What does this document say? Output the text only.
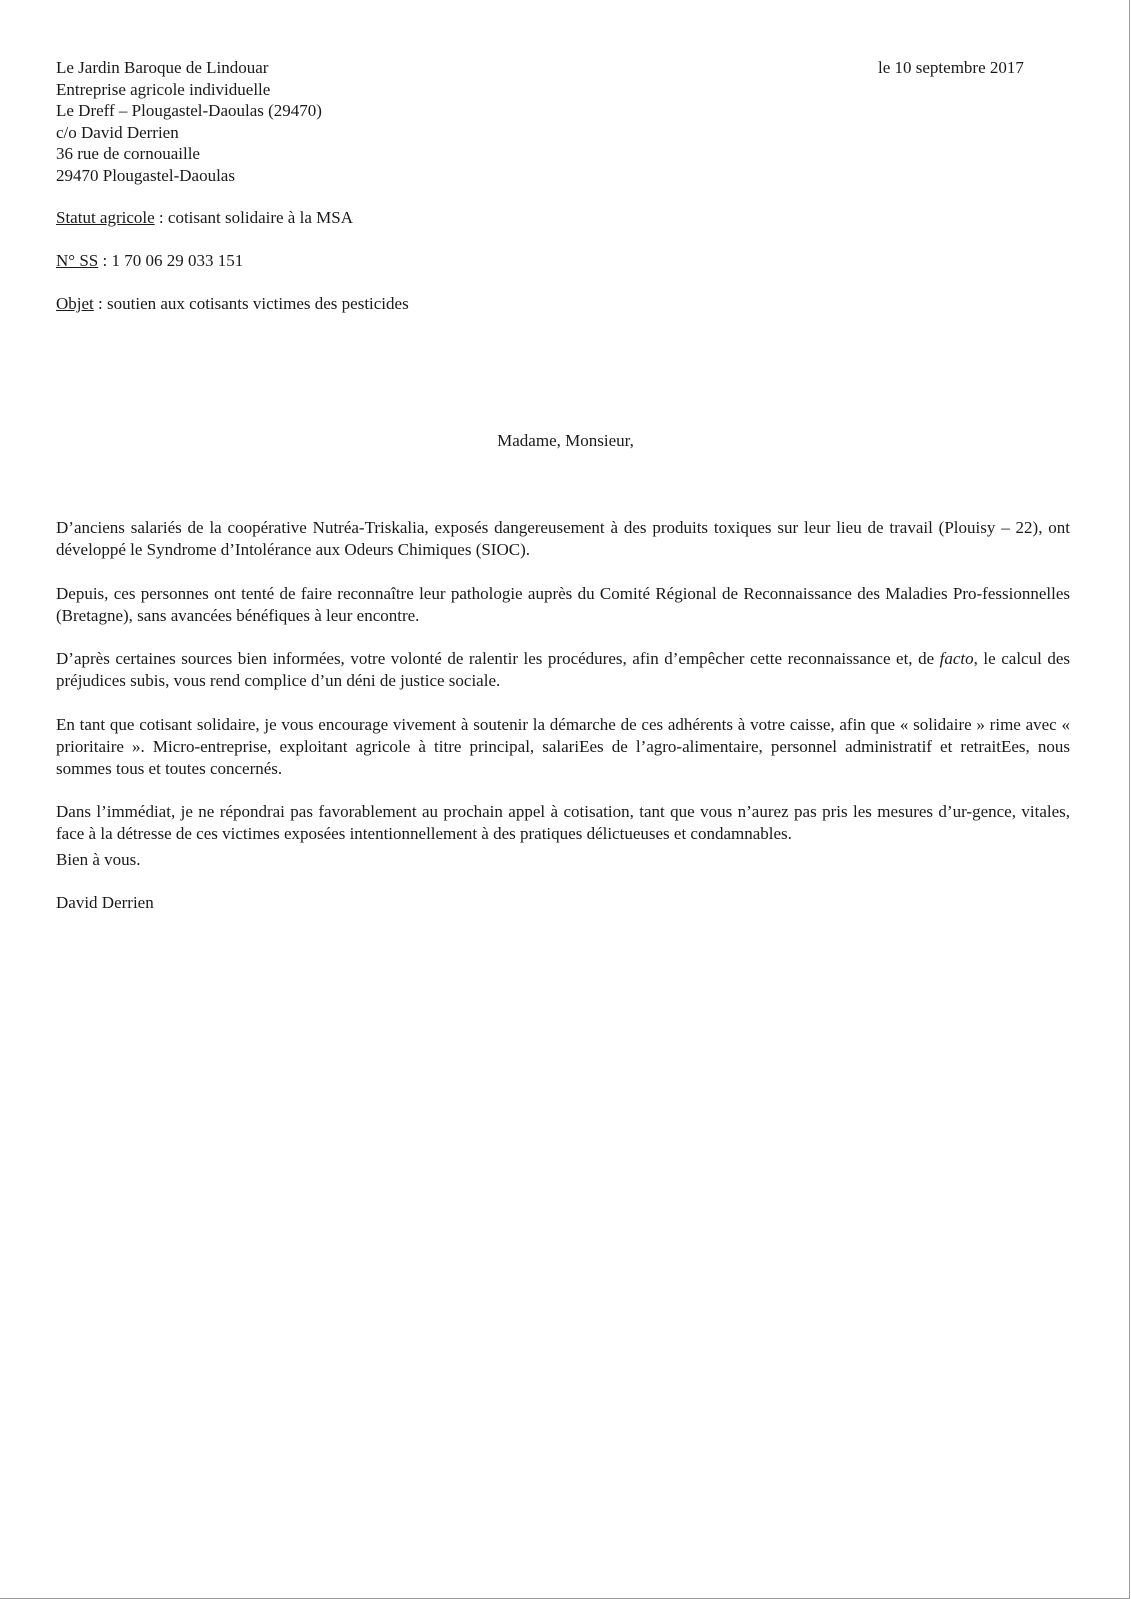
Le Jardin Baroque de Lindouar
Entreprise agricole individuelle
Le Dreff – Plougastel-Daoulas (29470)
c/o David Derrien
36 rue de cornouaille
29470 Plougastel-Daoulas
le 10 septembre 2017
Statut agricole : cotisant solidaire à la MSA
N° SS : 1 70 06 29 033 151
Objet : soutien aux cotisants victimes des pesticides
Madame, Monsieur,

D’anciens salariés de la coopérative Nutréa-Triskalia, exposés dangereusement à des produits toxiques sur leur lieu de travail (Plouisy – 22), ont développé le Syndrome d’Intolérance aux Odeurs Chimiques (SIOC).

Depuis, ces personnes ont tenté de faire reconnaître leur pathologie auprès du Comité Régional de Reconnaissance des Maladies Pro-fessionnelles (Bretagne), sans avancées bénéfiques à leur encontre.

D’après certaines sources bien informées, votre volonté de ralentir les procédures, afin d’empêcher cette reconnaissance et, de facto, le calcul des préjudices subis, vous rend complice d’un déni de justice sociale.

En tant que cotisant solidaire, je vous encourage vivement à soutenir la démarche de ces adhérents à votre caisse, afin que « solidaire » rime avec « prioritaire ». Micro-entreprise, exploitant agricole à titre principal, salariEes de l’agro-alimentaire, personnel administratif et retraitEes, nous sommes tous et toutes concernés.

Dans l’immédiat, je ne répondrai pas favorablement au prochain appel à cotisation, tant que vous n’aurez pas pris les mesures d’ur-gence, vitales, face à la détresse de ces victimes exposées intentionnellement à des pratiques délictueuses et condamnables.

Bien à vous.
David Derrien
